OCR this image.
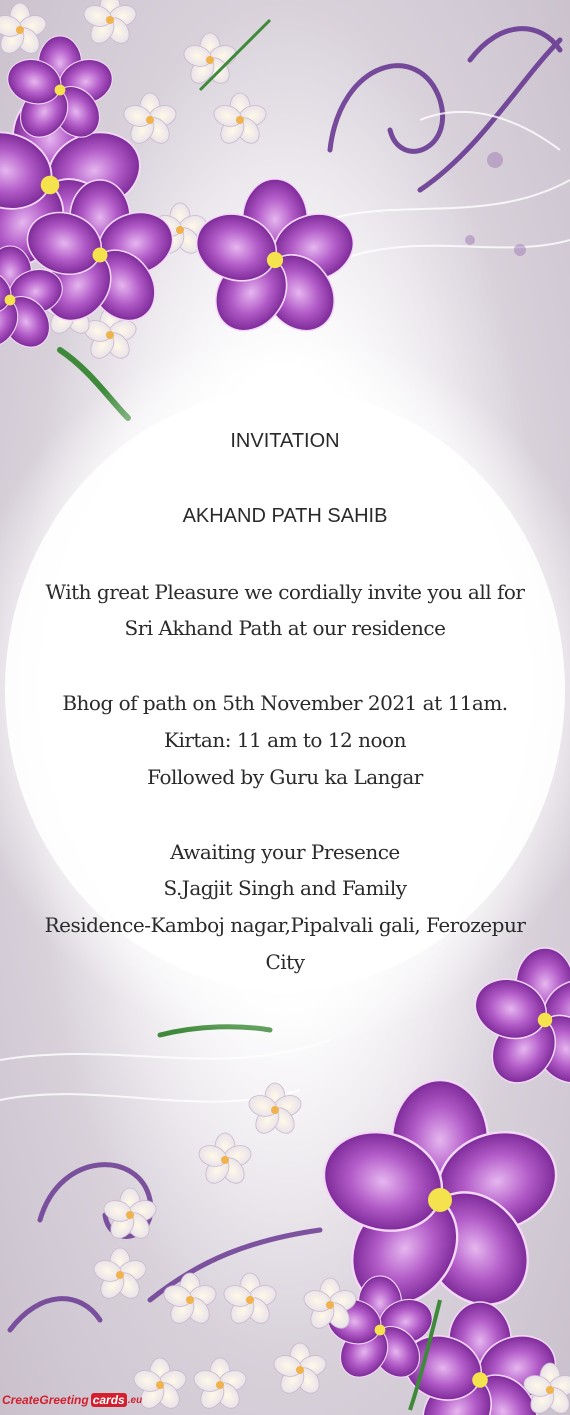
INVITATION
AKHAND PATH SAHIB
With great Pleasure we cordially invite you all for
Sri Akhand Path at our residence
Bhog of path on 5th November 2021 at 11am.
Kirtan: 11 am to 12 noon
Followed by Guru ka Langar
Awaiting your Presence
S.Jagjit Singh and Family
Residence-Kamboj nagar,Pipalvali gali, Ferozepur
City
CreateGreeting cards .eu
